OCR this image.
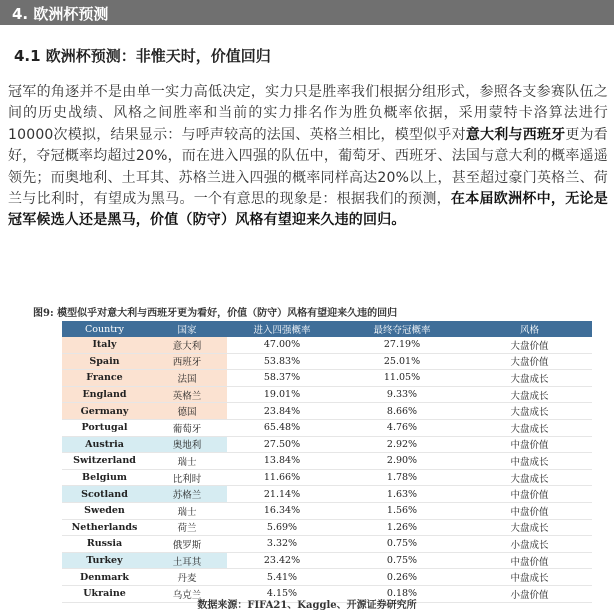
4. 欧洲杯预测
4.1 欧洲杯预测：非惟天时，价值回归
冠军的角逐并不是由单一实力高低决定，实力只是胜率我们根据分组形式，参照各支参赛队伍之间的历史战绩、风格之间胜率和当前的实力排名作为胜负概率依据，采用蒙特卡洛算法进行10000次模拟，结果显示：与呼声较高的法国、英格兰相比，模型似乎对意大利与西班牙更为看好，夺冠概率均超过20%，而在进入四强的队伍中，葡萄牙、西班牙、法国与意大利的概率遥遥领先；而奥地利、土耳其、苏格兰进入四强的概率同样高达20%以上，甚至超过豪门英格兰、荷兰与比利时，有望成为黑马。一个有意思的现象是：根据我们的预测，在本届欧洲杯中，无论是冠军候选人还是黑马，价值（防守）风格有望迎来久违的回归。
图9: 模型似乎对意大利与西班牙更为看好，价值（防守）风格有望迎来久违的回归
Country	国家	进入四强概率	最终夺冠概率	风格
Italy	意大利	47.00%	27.19%	大盘价值
Spain	西班牙	53.83%	25.01%	大盘价值
France	法国	58.37%	11.05%	大盘成长
England	英格兰	19.01%	9.33%	大盘成长
Germany	德国	23.84%	8.66%	大盘成长
Portugal	葡萄牙	65.48%	4.76%	大盘成长
Austria	奥地利	27.50%	2.92%	中盘价值
Switzerland	瑞士	13.84%	2.90%	中盘成长
Belgium	比利时	11.66%	1.78%	大盘成长
Scotland	苏格兰	21.14%	1.63%	中盘价值
Sweden	瑞士	16.34%	1.56%	中盘价值
Netherlands	荷兰	5.69%	1.26%	大盘成长
Russia	俄罗斯	3.32%	0.75%	小盘成长
Turkey	土耳其	23.42%	0.75%	中盘价值
Denmark	丹麦	5.41%	0.26%	中盘成长
Ukraine	乌克兰	4.15%	0.18%	小盘价值
数据来源：FIFA21、Kaggle、开源证券研究所
